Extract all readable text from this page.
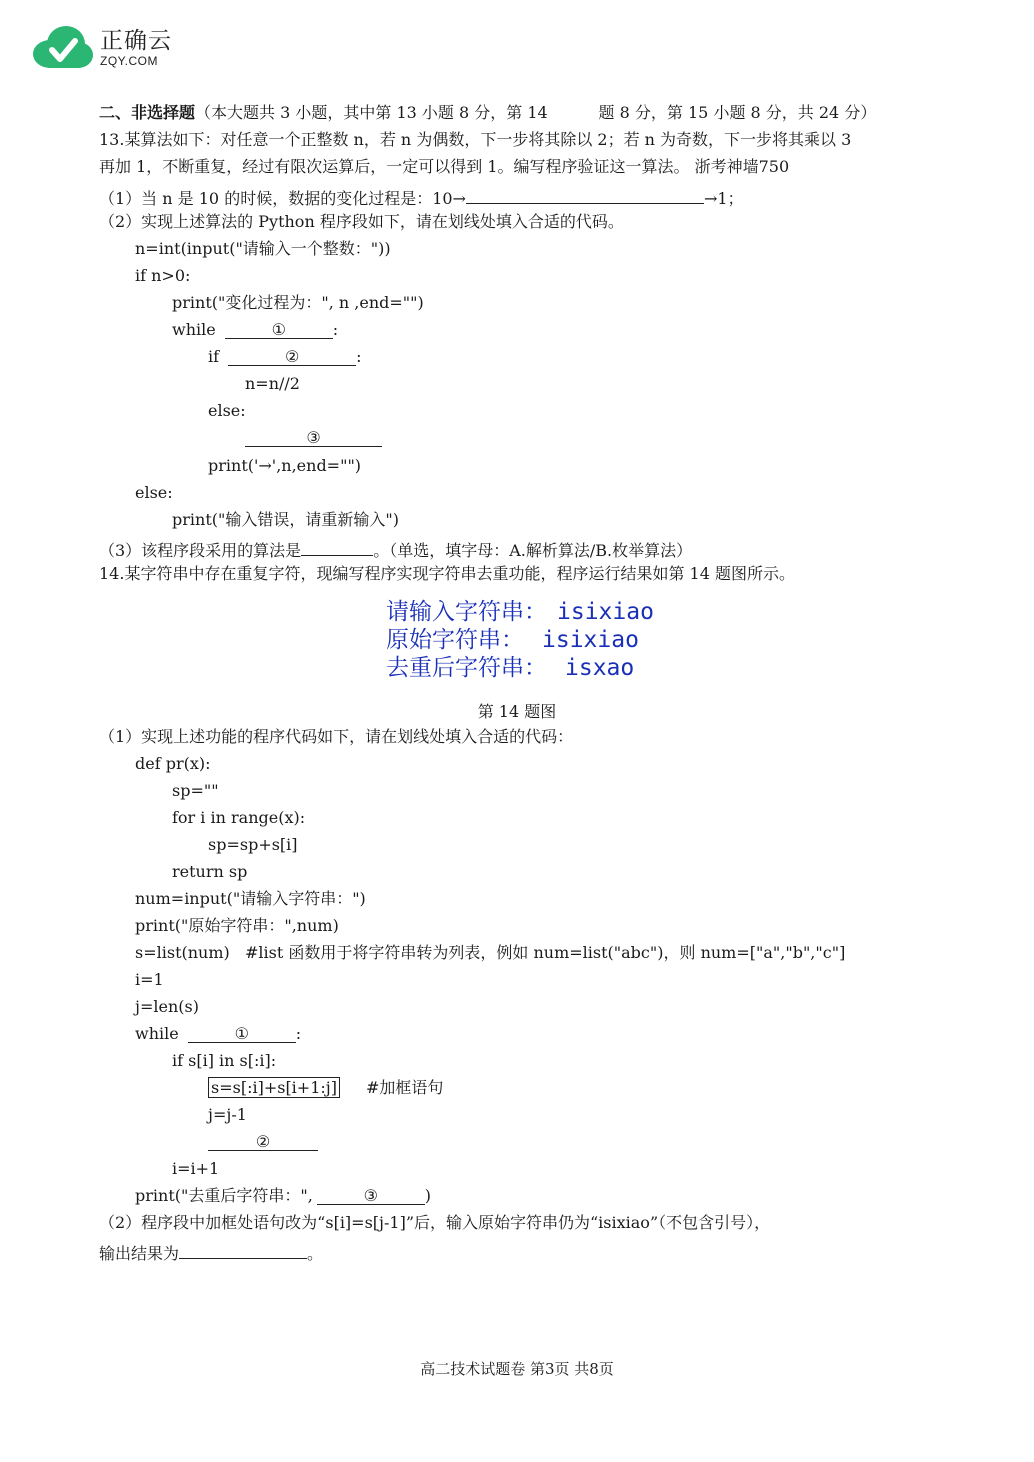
正确云
ZQY.COM
二、非选择题（本大题共 3 小题，其中第 13 小题 8 分，第 14          题 8 分，第 15 小题 8 分，共 24 分）
13.某算法如下：对任意一个正整数 n，若 n 为偶数，下一步将其除以 2；若 n 为奇数，下一步将其乘以 3
再加 1，不断重复，经过有限次运算后，一定可以得到 1。编写程序验证这一算法。 浙考神墙750
（1）当 n 是 10 的时候，数据的变化过程是：10→	→1；
（2）实现上述算法的 Python 程序段如下，请在划线处填入合适的代码。
n=int(input("请输入一个整数："))
if n>0:
print("变化过程为：", n ,end="")
while	①	:
if	②	:
n=n//2
else:
③
print('→',n,end="")
else:
print("输入错误，请重新输入")
（3）该程序段采用的算法是	。（单选，填字母：A.解析算法/B.枚举算法）
14.某字符串中存在重复字符，现编写程序实现字符串去重功能，程序运行结果如第 14 题图所示。
请输入字符串： isixiao
原始字符串： isixiao
去重后字符串： isxao
第 14 题图
（1）实现上述功能的程序代码如下，请在划线处填入合适的代码：
def pr(x):
sp=""
for i in range(x):
sp=sp+s[i]
return sp
num=input("请输入字符串：")
print("原始字符串：",num)
s=list(num)   #list 函数用于将字符串转为列表，例如 num=list("abc")，则 num=["a","b","c"]
i=1
j=len(s)
while	①	:
if s[i] in s[:i]:
s=s[:i]+s[i+1:j] #加框语句
j=j-1
②
i=i+1
print("去重后字符串：",	③	)
（2）程序段中加框处语句改为“s[i]=s[j-1]”后，输入原始字符串仍为“isixiao”（不包含引号），
输出结果为	。
高二技术试题卷 第3页 共8页
